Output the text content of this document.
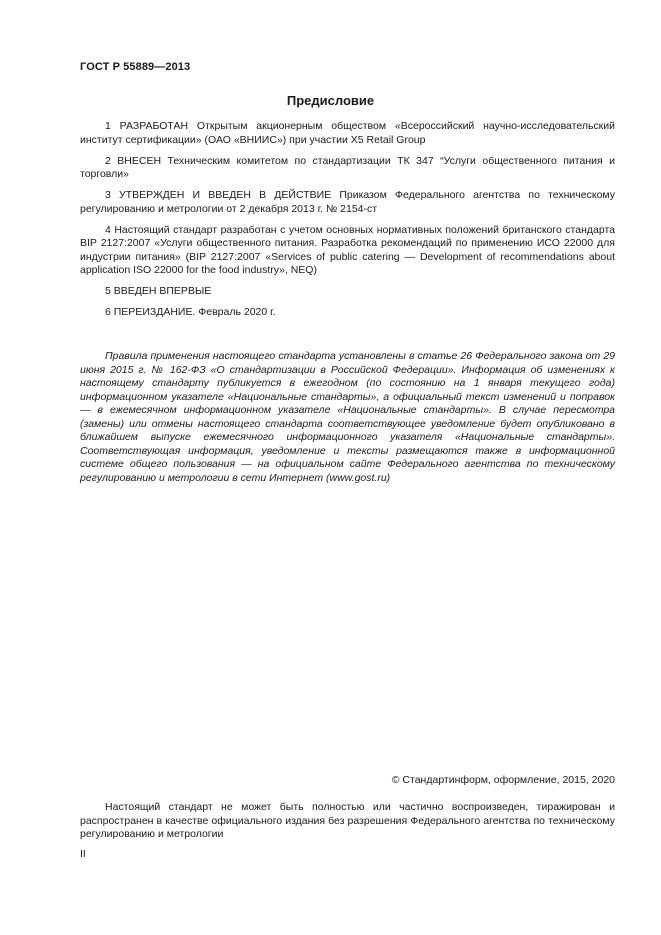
ГОСТ Р 55889—2013
Предисловие

1 РАЗРАБОТАН Открытым акционерным обществом «Всероссийский научно-исследовательский институт сертификации» (ОАО «ВНИИС») при участии X5 Retail Group

2 ВНЕСЕН Техническим комитетом по стандартизации ТК 347 “Услуги общественного питания и торговли»

3 УТВЕРЖДЕН И ВВЕДЕН В ДЕЙСТВИЕ Приказом Федерального агентства по техническому регулированию и метрологии от 2 декабря 2013 г. № 2154-ст

4 Настоящий стандарт разработан с учетом основных нормативных положений британского стандарта BIP 2127:2007 «Услуги общественного питания. Разработка рекомендаций по применению ИСО 22000 для индустрии питания» (BIP 2127:2007 «Services of public catering — Development of recommendations about application ISO 22000 for the food industry», NEQ)

5 ВВЕДЕН ВПЕРВЫЕ

6 ПЕРЕИЗДАНИЕ. Февраль 2020 г.

Правила применения настоящего стандарта установлены в статье 26 Федерального закона от 29 июня 2015 г. № 162-ФЗ «О стандартизации в Российской Федерации». Информация об изменениях к настоящему стандарту публикуется в ежегодном (по состоянию на 1 января текущего года) информационном указателе «Национальные стандарты», а официальный текст изменений и поправок — в ежемесячном информационном указателе «Национальные стандарты». В случае пересмотра (замены) или отмены настоящего стандарта соответствующее уведомление будет опубликовано в ближайшем выпуске ежемесячного информационного указателя «Национальные стандарты». Соответствующая информация, уведомление и тексты размещаются также в информационной системе общего пользования — на официальном сайте Федерального агентства по техническому регулированию и метрологии в сети Интернет (www.gost.ru)

© Стандартинформ, оформление, 2015, 2020

Настоящий стандарт не может быть полностью или частично воспроизведен, тиражирован и распространен в качестве официального издания без разрешения Федерального агентства по техническому регулированию и метрологии

II
